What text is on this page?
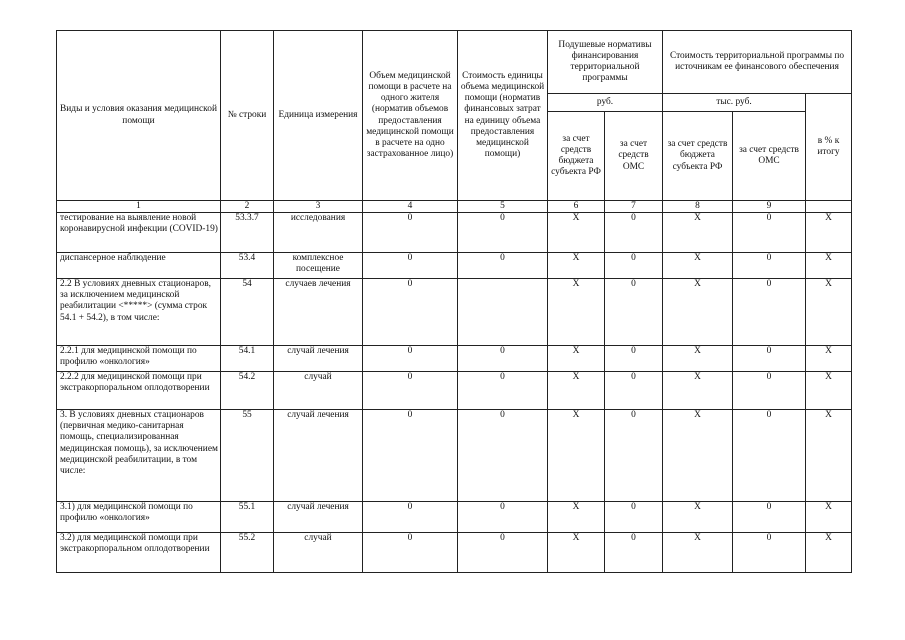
Виды и условия оказания медицинской помощи	№ строки	Единица измерения	Объем медицинской помощи в расчете на одного жителя (норматив объемов предоставления медицинской помощи в расчете на одно застрахованное лицо)	Стоимость единицы объема медицинской помощи (норматив финансовых затрат на единицу объема предоставления медицинской помощи)	Подушевые нормативы финансирования территориальной программы		Стоимость территориальной программы по источникам ее финансового обеспечения		
					руб.		тыс. руб.		в % к итогу
					за счет средств бюджета субъекта РФ	за счет средств ОМС	за счет средств бюджета субъекта РФ	за счет средств ОМС	
1	2	3	4	5	6	7	8	9	
тестирование на выявление новой коронавирусной инфекции (COVID-19)	53.3.7	исследования	0	0	X	0	X	0	X
диспансерное наблюдение	53.4	комплексное посещение	0	0	X	0	X	0	X
2.2 В условиях дневных стационаров, за исключением медицинской реабилитации <*****> (сумма строк 54.1 + 54.2), в том числе:	54	случаев лечения	0		X	0	X	0	X
2.2.1 для медицинской помощи по профилю «онкология»	54.1	случай лечения	0	0	X	0	X	0	X
2.2.2 для медицинской помощи при экстракорпоральном оплодотворении	54.2	случай	0	0	X	0	X	0	X
3. В условиях дневных стационаров (первичная медико-санитарная помощь, специализированная медицинская помощь), за исключением медицинской реабилитации, в том числе:	55	случай лечения	0	0	X	0	X	0	X
3.1) для медицинской помощи по профилю «онкология»	55.1	случай лечения	0	0	X	0	X	0	X
3.2) для медицинской помощи при экстракорпоральном оплодотворении	55.2	случай	0	0	X	0	X	0	X
